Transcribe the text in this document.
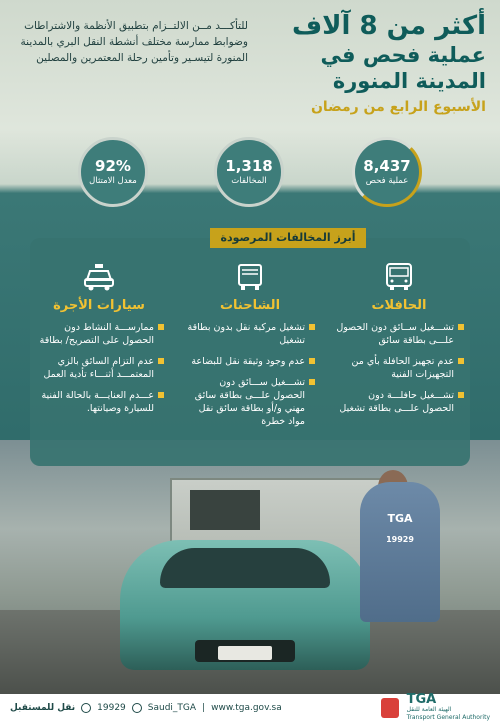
أكثر من 8 آلاف
عملية فحص في
المدينة المنورة
الأسبوع الرابع من رمضان
للتأكـــد مــن الالتــزام بتطبيق الأنظمة والاشتراطات وضوابط ممارسة مختلف أنشطة النقل البري بالمدينة المنورة لتيسـير وتأمين رحلة المعتمرين والمصلين
8,437
عملية فحص
1,318
المخالفات
92%
معدل الامتثال
أبرز المخالفات المرصودة
الحافلات
تشـــغيل ســائق دون الحصول علـــى بطاقة سائق
عدم تجهيز الحافلة بأي من التجهيزات الفنية
تشـــغيل حافلـــة دون الحصول علـــى بطاقة تشغيل
الشاحنات
تشغيل مركبة نقل بدون بطاقة تشغيل
عدم وجود وثيقة نقل للبضاعة
تشـــغيل ســـائق دون الحصول علـــى بطاقة سائق مهني و/أو بطاقة سائق نقل مواد خطرة
سيارات الأجرة
ممارســـة النشاط دون الحصول على التصريح/ بطاقة
عدم التزام السائق بالزي المعتمـــد أثنـــاء تأدية العمل
عـــدم العنايـــة بالحالة الفنية للسيارة وصيانتها.
TGA
19929
نقل للمستقبل 19929 Saudi_TGA | www.tga.gov.sa
TGA
الهيئة العامة للنقل
Transport General Authority
